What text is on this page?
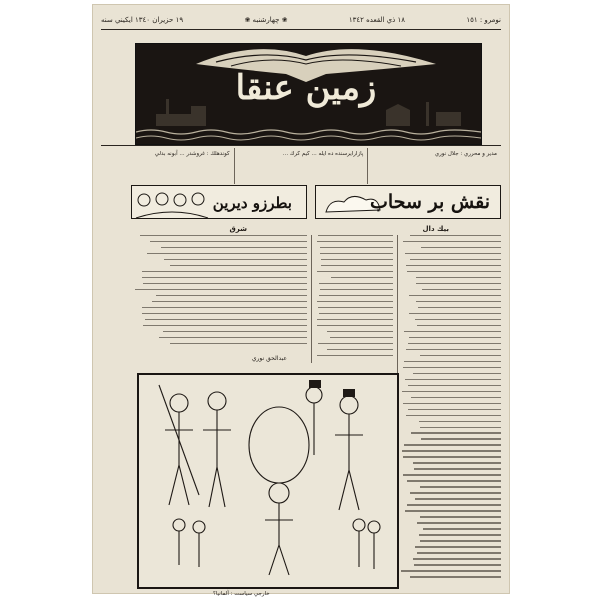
نومرو : ١٥١
١٨ ذي القعده ١٣٤٢
❀ چهارشنبه ❀
١٩ حزيران ١٣٤٠ ايكيني سنه
زمين عنقا
مدير و محرري : جلال نوري
پازارايرسنده ده ايله ... كيم كرك ...
كوندهلك : غروشدر ... آبونه بدلي
نقش بر سحاب
بطرزو ديرين
بيك دال
شرق
عبدالحق نوري
خارجي سياست : آلمانيا؟
